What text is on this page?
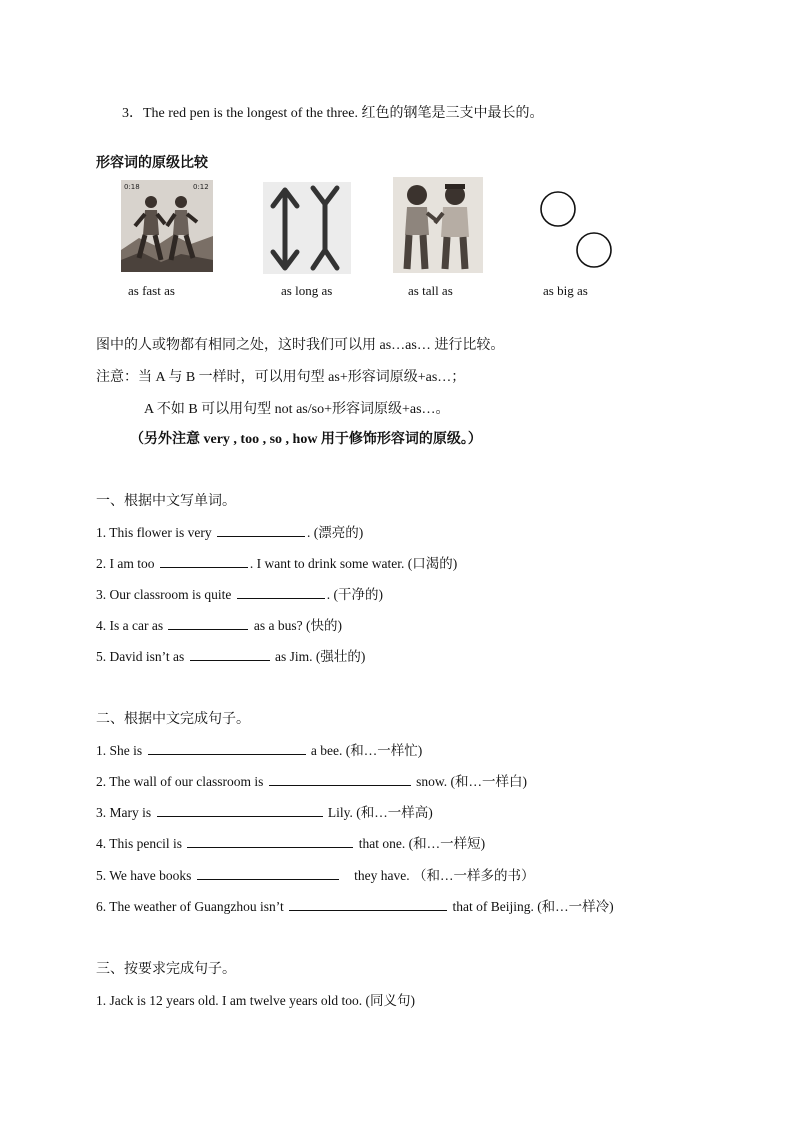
3．The red pen is the longest of the three. 红色的钢笔是三支中最长的。
形容词的原级比较
0:18	0:12
as fast as	as long as	as tall as	as big as
图中的人或物都有相同之处，这时我们可以用 as…as… 进行比较。
注意：当 A 与 B 一样时，可以用句型 as+形容词原级+as…；
A 不如 B 可以用句型 not as/so+形容词原级+as…。
（另外注意 very , too , so , how 用于修饰形容词的原级。）
一、根据中文写单词。
1. This flower is very	. (漂亮的)
2. I am too	. I want to drink some water. (口渴的)
3. Our classroom is quite	. (干净的)
4. Is a car as	as a bus? (快的)
5. David isn’t as	as Jim. (强壮的)
二、根据中文完成句子。
1. She is	a bee. (和…一样忙)
2. The wall of our classroom is	snow. (和…一样白)
3. Mary is	Lily. (和…一样高)
4. This pencil is	that one. (和…一样短)
5. We have books	they have. （和…一样多的书）
6. The weather of Guangzhou isn’t	that of Beijing. (和…一样冷)
三、按要求完成句子。
1. Jack is 12 years old. I am twelve years old too. (同义句)
